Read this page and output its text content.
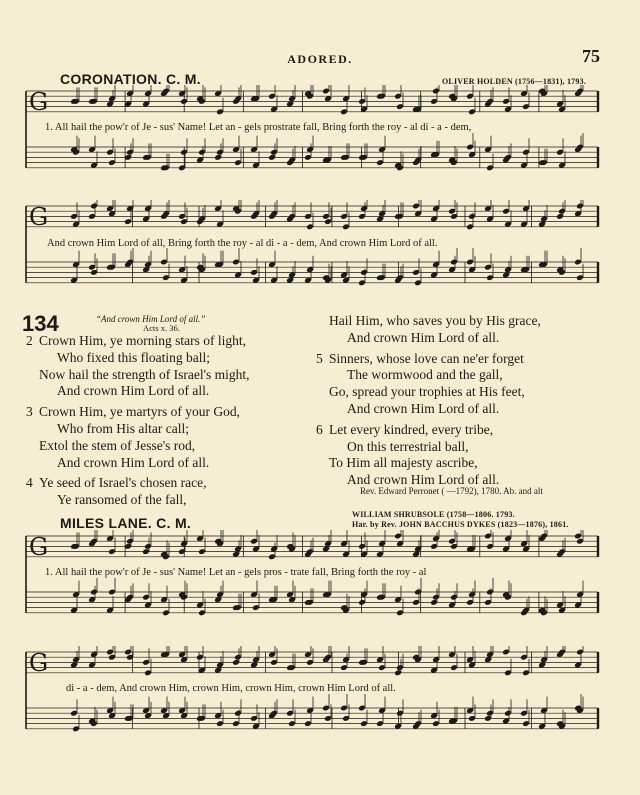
ADORED.	75
CORONATION. C. M.	OLIVER HOLDEN (1756—1831), 1793.
G
1. All hail the pow'r of Je - sus' Name! Let an - gels prostrate fall, Bring forth the roy - al di - a - dem,
G
And crown Him Lord of all, Bring forth the roy - al di - a - dem, And crown Him Lord of all.
134	“And crown Him Lord of all.”
Acts x. 36.
2 Crown Him, ye morning stars of light,
Who fixed this floating ball;
Now hail the strength of Israel's might,
And crown Him Lord of all.
3 Crown Him, ye martyrs of your God,
Who from His altar call;
Extol the stem of Jesse's rod,
And crown Him Lord of all.
4 Ye seed of Israel's chosen race,
Ye ransomed of the fall,
Hail Him, who saves you by His grace,
And crown Him Lord of all.
5 Sinners, whose love can ne'er forget
The wormwood and the gall,
Go, spread your trophies at His feet,
And crown Him Lord of all.
6 Let every kindred, every tribe,
On this terrestrial ball,
To Him all majesty ascribe,
And crown Him Lord of all.
Rev. Edward Perronet ( —1792), 1780. Ab. and alt
MILES LANE. C. M.
WILLIAM SHRUBSOLE (1758—1806. 1793.
Har. by Rev. JOHN BACCHUS DYKES (1823—1876), 1861.
G
1. All hail the pow'r of Je - sus' Name! Let an - gels pros - trate fall, Bring forth the roy - al
G
di - a - dem, And crown Him, crown Him, crown Him, crown Him Lord of all.
